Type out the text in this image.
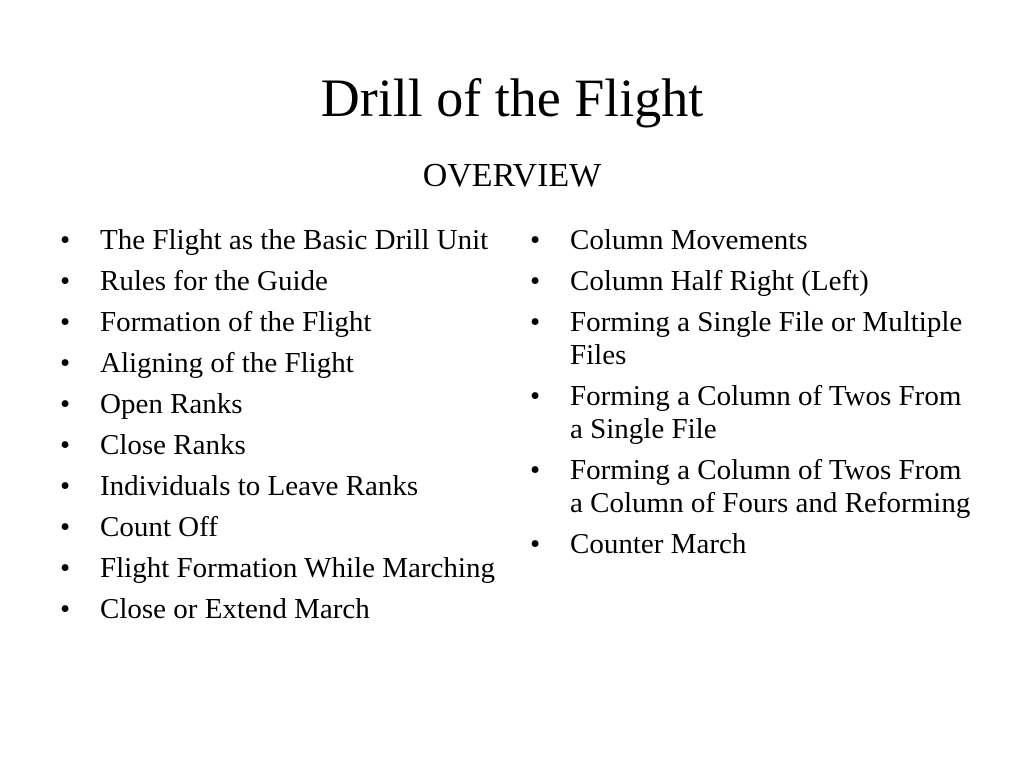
Drill of the Flight
OVERVIEW
• The Flight as the Basic Drill Unit
• Rules for the Guide
• Formation of the Flight
• Aligning of the Flight
• Open Ranks
• Close Ranks
• Individuals to Leave Ranks
• Count Off
• Flight Formation While Marching
• Close or Extend March
• Column Movements
• Column Half Right (Left)
• Forming a Single File or Multiple Files
• Forming a Column of Twos From a Single File
• Forming a Column of Twos From a Column of Fours and Reforming
• Counter March
